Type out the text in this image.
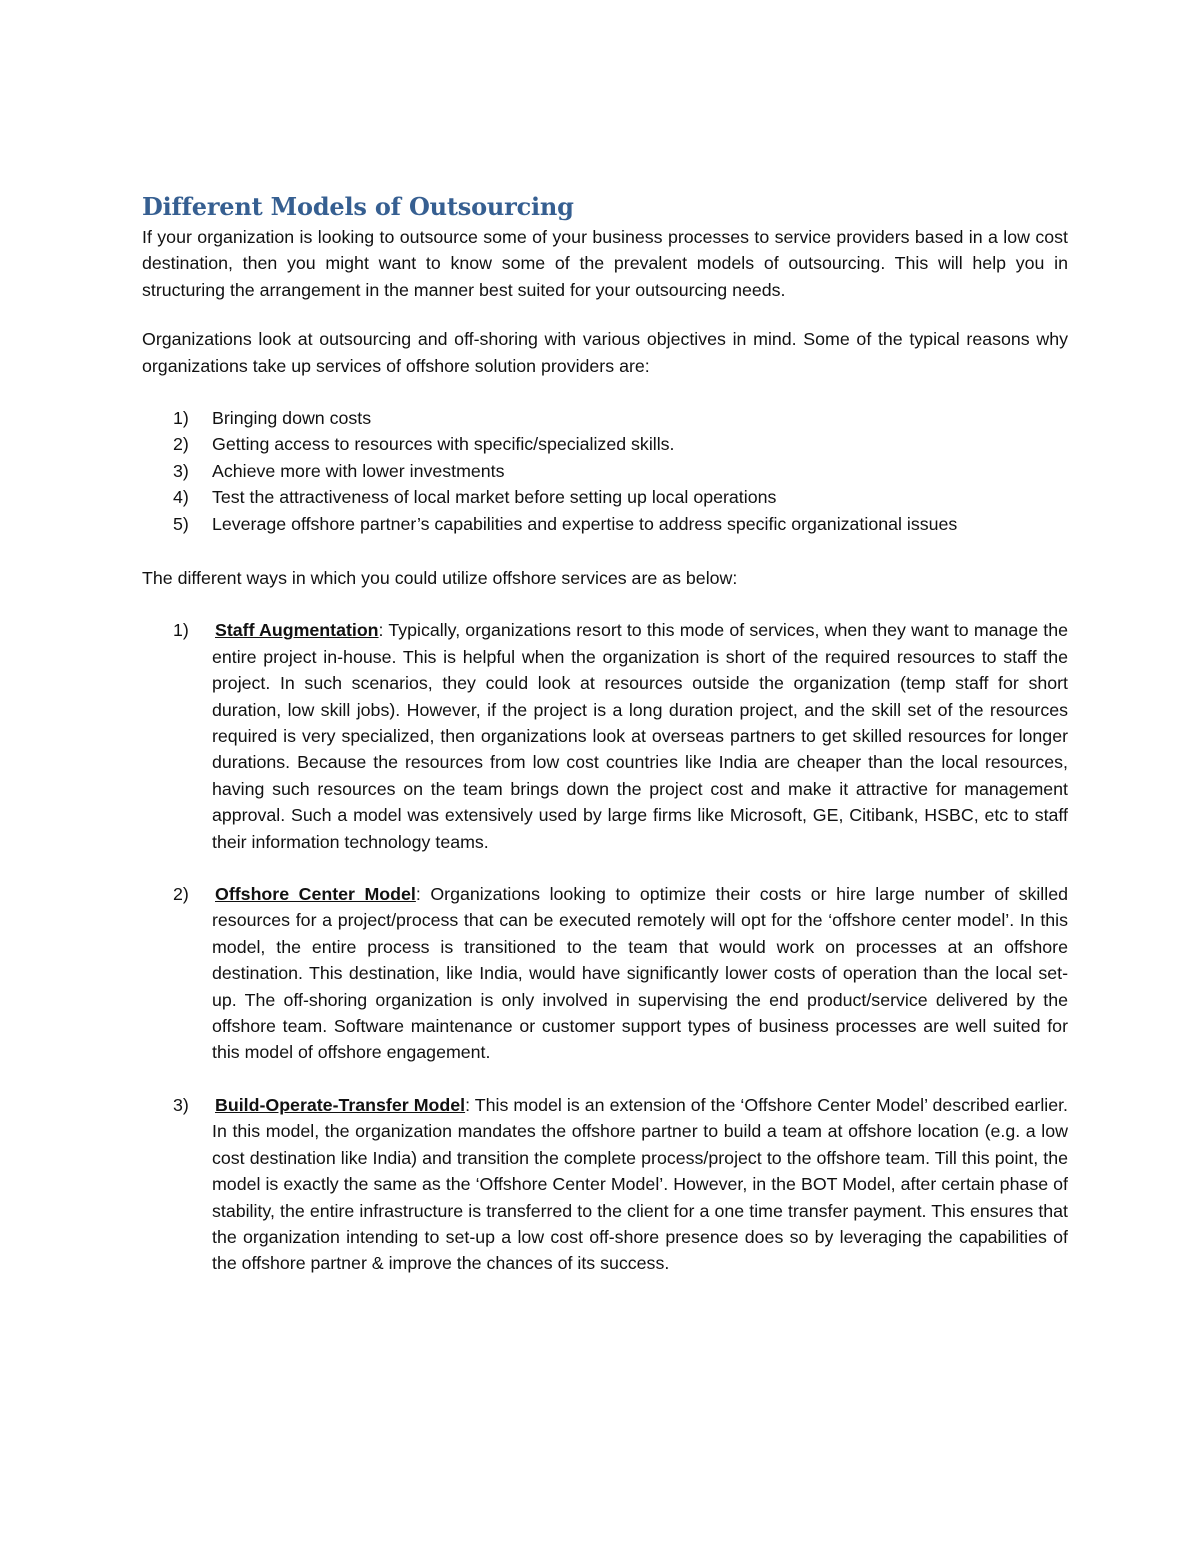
Different Models of Outsourcing

If your organization is looking to outsource some of your business processes to service providers based in a low cost destination, then you might want to know some of the prevalent models of outsourcing. This will help you in structuring the arrangement in the manner best suited for your outsourcing needs.

Organizations look at outsourcing and off-shoring with various objectives in mind. Some of the typical reasons why organizations take up services of offshore solution providers are:

1) Bringing down costs
2) Getting access to resources with specific/specialized skills.
3) Achieve more with lower investments
4) Test the attractiveness of local market before setting up local operations
5) Leverage offshore partner’s capabilities and expertise to address specific organizational issues

The different ways in which you could utilize offshore services are as below:

1) Staff Augmentation: Typically, organizations resort to this mode of services, when they want to manage the entire project in-house. This is helpful when the organization is short of the required resources to staff the project. In such scenarios, they could look at resources outside the organization (temp staff for short duration, low skill jobs). However, if the project is a long duration project, and the skill set of the resources required is very specialized, then organizations look at overseas partners to get skilled resources for longer durations. Because the resources from low cost countries like India are cheaper than the local resources, having such resources on the team brings down the project cost and make it attractive for management approval. Such a model was extensively used by large firms like Microsoft, GE, Citibank, HSBC, etc to staff their information technology teams.
2) Offshore Center Model: Organizations looking to optimize their costs or hire large number of skilled resources for a project/process that can be executed remotely will opt for the ‘offshore center model’. In this model, the entire process is transitioned to the team that would work on processes at an offshore destination. This destination, like India, would have significantly lower costs of operation than the local set-up. The off-shoring organization is only involved in supervising the end product/service delivered by the offshore team. Software maintenance or customer support types of business processes are well suited for this model of offshore engagement.
3) Build-Operate-Transfer Model: This model is an extension of the ‘Offshore Center Model’ described earlier. In this model, the organization mandates the offshore partner to build a team at offshore location (e.g. a low cost destination like India) and transition the complete process/project to the offshore team. Till this point, the model is exactly the same as the ‘Offshore Center Model’. However, in the BOT Model, after certain phase of stability, the entire infrastructure is transferred to the client for a one time transfer payment. This ensures that the organization intending to set-up a low cost off-shore presence does so by leveraging the capabilities of the offshore partner & improve the chances of its success.
